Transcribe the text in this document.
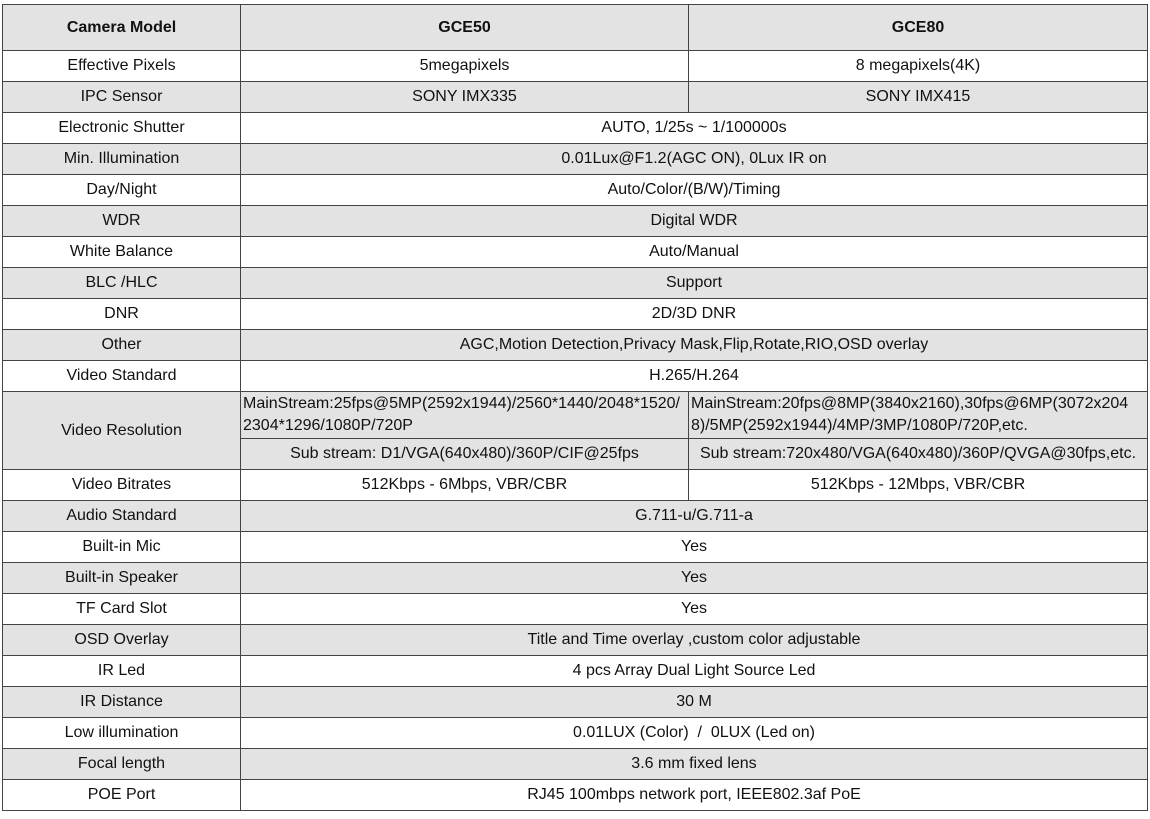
Camera Model	GCE50	GCE80
Effective Pixels	5megapixels	8 megapixels(4K)
IPC Sensor	SONY IMX335	SONY IMX415
Electronic Shutter	AUTO, 1/25s ~ 1/100000s	
Min. Illumination	0.01Lux@F1.2(AGC ON), 0Lux IR on	
Day/Night	Auto/Color/(B/W)/Timing	
WDR	Digital WDR	
White Balance	Auto/Manual	
BLC /HLC	Support	
DNR	2D/3D DNR	
Other	AGC,Motion Detection,Privacy Mask,Flip,Rotate,RIO,OSD overlay	
Video Standard	H.265/H.264	
Video Resolution	MainStream:25fps@5MP(2592x1944)/2560*1440/2048*1520/2304*1296/1080P/720P	MainStream:20fps@8MP(3840x2160),30fps@6MP(3072x2048)/5MP(2592x1944)/4MP/3MP/1080P/720P,etc.
	Sub stream: D1/VGA(640x480)/360P/CIF@25fps	Sub stream:720x480/VGA(640x480)/360P/QVGA@30fps,etc.
Video Bitrates	512Kbps - 6Mbps, VBR/CBR	512Kbps - 12Mbps, VBR/CBR
Audio Standard	G.711-u/G.711-a	
Built-in Mic	Yes	
Built-in Speaker	Yes	
TF Card Slot	Yes	
OSD Overlay	Title and Time overlay ,custom color adjustable	
IR Led	4 pcs Array Dual Light Source Led	
IR Distance	30 M	
Low illumination	0.01LUX (Color)  /  0LUX (Led on)	
Focal length	3.6 mm fixed lens	
POE Port	RJ45 100mbps network port, IEEE802.3af PoE	
